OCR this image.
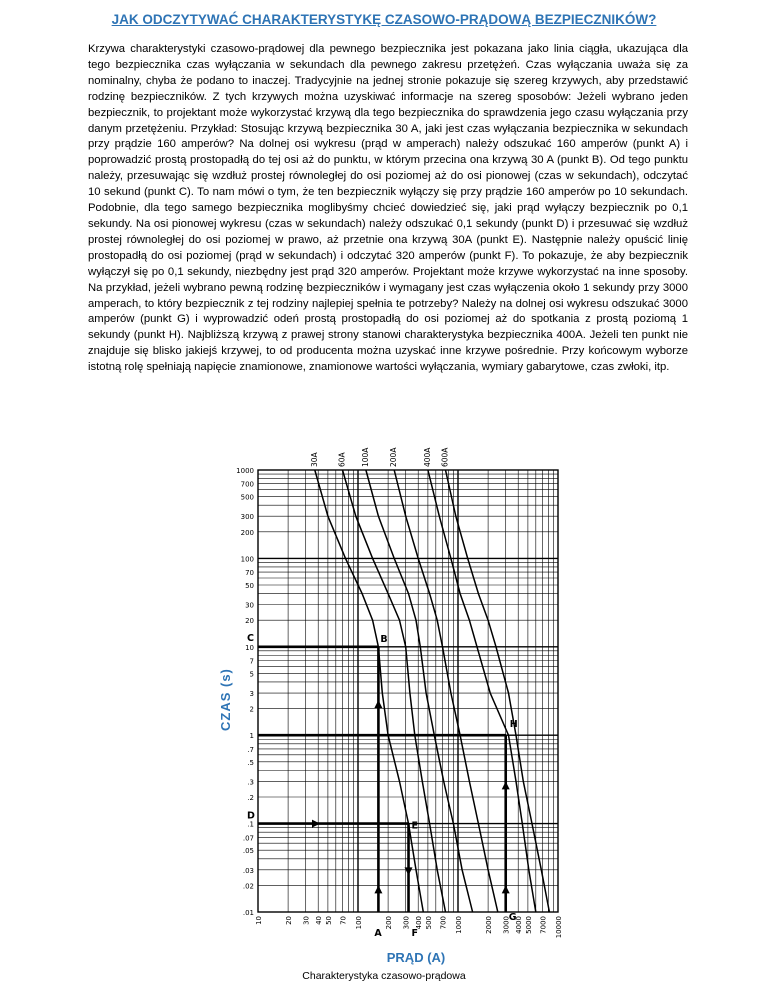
JAK ODCZYTYWAĆ CHARAKTERYSTYKĘ CZASOWO-PRĄDOWĄ BEZPIECZNIKÓW?

Krzywa charakterystyki czasowo-prądowej dla pewnego bezpiecznika jest pokazana jako linia ciągła, ukazująca dla tego bezpiecznika czas wyłączania w sekundach dla pewnego zakresu przetężeń. Czas wyłączania uważa się za nominalny, chyba że podano to inaczej. Tradycyjnie na jednej stronie pokazuje się szereg krzywych, aby przedstawić rodzinę bezpieczników. Z tych krzywych można uzyskiwać informacje na szereg sposobów: Jeżeli wybrano jeden bezpiecznik, to projektant może wykorzystać krzywą dla tego bezpiecznika do sprawdzenia jego czasu wyłączania przy danym przetężeniu. Przykład: Stosując krzywą bezpiecznika 30 A, jaki jest czas wyłączania bezpiecznika w sekundach przy prądzie 160 amperów? Na dolnej osi wykresu (prąd w amperach) należy odszukać 160 amperów (punkt A) i poprowadzić prostą prostopadłą do tej osi aż do punktu, w którym przecina ona krzywą 30 A (punkt B). Od tego punktu należy, przesuwając się wzdłuż prostej równoległej do osi poziomej aż do osi pionowej (czas w sekundach), odczytać 10 sekund (punkt C). To nam mówi o tym, że ten bezpiecznik wyłączy się przy prądzie 160 amperów po 10 sekundach. Podobnie, dla tego samego bezpiecznika moglibyśmy chcieć dowiedzieć się, jaki prąd wyłączy bezpiecznik po 0,1 sekundy. Na osi pionowej wykresu (czas w sekundach) należy odszukać 0,1 sekundy (punkt D) i przesuwać się wzdłuż prostej równoległej do osi poziomej w prawo, aż przetnie ona krzywą 30A (punkt E). Następnie należy opuścić linię prostopadłą do osi poziomej (prąd w sekundach) i odczytać 320 amperów (punkt F). To pokazuje, że aby bezpiecznik wyłączył się po 0,1 sekundy, niezbędny jest prąd 320 amperów. Projektant może krzywe wykorzystać na inne sposoby. Na przykład, jeżeli wybrano pewną rodzinę bezpieczników i wymagany jest czas wyłączenia około 1 sekundy przy 3000 amperach, to który bezpiecznik z tej rodziny najlepiej spełnia te potrzeby? Należy na dolnej osi wykresu odszukać 3000 amperów (punkt G) i wyprowadzić odeń prostą prostopadłą do osi poziomej aż do spotkania z prostą poziomą 1 sekundy (punkt H). Najbliższą krzywą z prawej strony stanowi charakterystyka bezpiecznika 400A. Jeżeli ten punkt nie znajduje się blisko jakiejś krzywej, to od producenta można uzyskać inne krzywe pośrednie. Przy końcowym wyborze istotną rolę spełniają napięcie znamionowe, znamionowe wartości wyłączania, wymiary gabarytowe, czas zwłoki, itp.

1000
700
500
300
200
100
70
50
30
20
10
7
5
3
2
1
.7
.5
.3
.2
.1
.07
.05
.03
.02
.01
10	20 30 40 50 70 100	200 300 400 500 700 1000	2000 3000 4000 5000 7000 10000
30A 60A 100A	200A	400A 600A
C
D
B
E
H
A	F
G
CZAS (s)
PRĄD (A)
Charakterystyka czasowo-prądowa
